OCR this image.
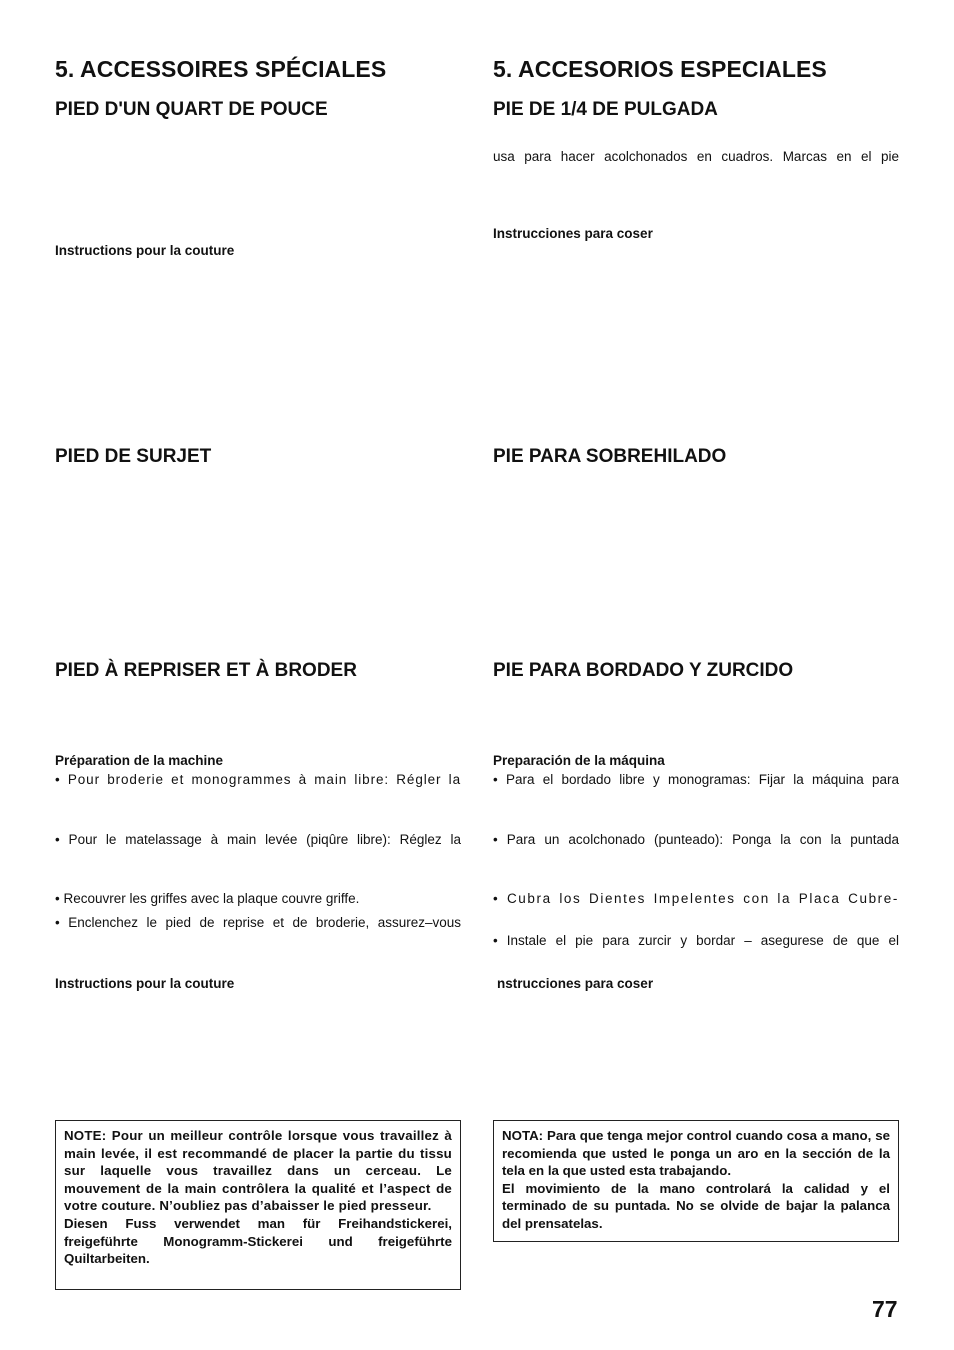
5. ACCESSOIRES SPÉCIALES
PIED D'UN QUART DE POUCE
Instructions pour la couture
PIED DE SURJET
PIED À REPRISER ET À BRODER
Préparation de la machine
• Pour broderie et monogrammes à main libre: Régler la
• Pour le matelassage à main levée (piqûre libre): Réglez la
• Recouvrer les griffes avec la plaque couvre griffe.
• Enclenchez le pied de reprise et de broderie, assurez–vous
Instructions pour la couture

NOTE: Pour un meilleur contrôle lorsque vous travaillez à main levée, il est recommandé de placer la partie du tissu sur laquelle vous travaillez dans un cerceau. Le mouvement de la main contrôlera la qualité et l’aspect de votre couture. N’oubliez pas d’abaisser le pied presseur.

Diesen Fuss verwendet man für Freihandstickerei, freigeführte Monogramm-Stickerei und freigeführte Quiltarbeiten.

5. ACCESORIOS ESPECIALES
PIE DE 1/4 DE PULGADA
usa para hacer acolchonados en cuadros. Marcas en el pie
Instrucciones para coser
PIE PARA SOBREHILADO
PIE PARA BORDADO Y ZURCIDO
Preparación de la máquina
• Para el bordado libre y monogramas: Fijar la máquina para
• Para un acolchonado (punteado): Ponga la con la puntada
• Cubra los Dientes Impelentes con la Placa Cubre-
• Instale el pie para zurcir y bordar – asegurese de que el
nstrucciones para coser

NOTA: Para que tenga mejor control cuando cosa a mano, se recomienda que usted le ponga un aro en la sección de la tela en la que usted esta trabajando.

El movimiento de la mano controlará la calidad y el terminado de su puntada. No se olvide de bajar la palanca del prensatelas.

77
